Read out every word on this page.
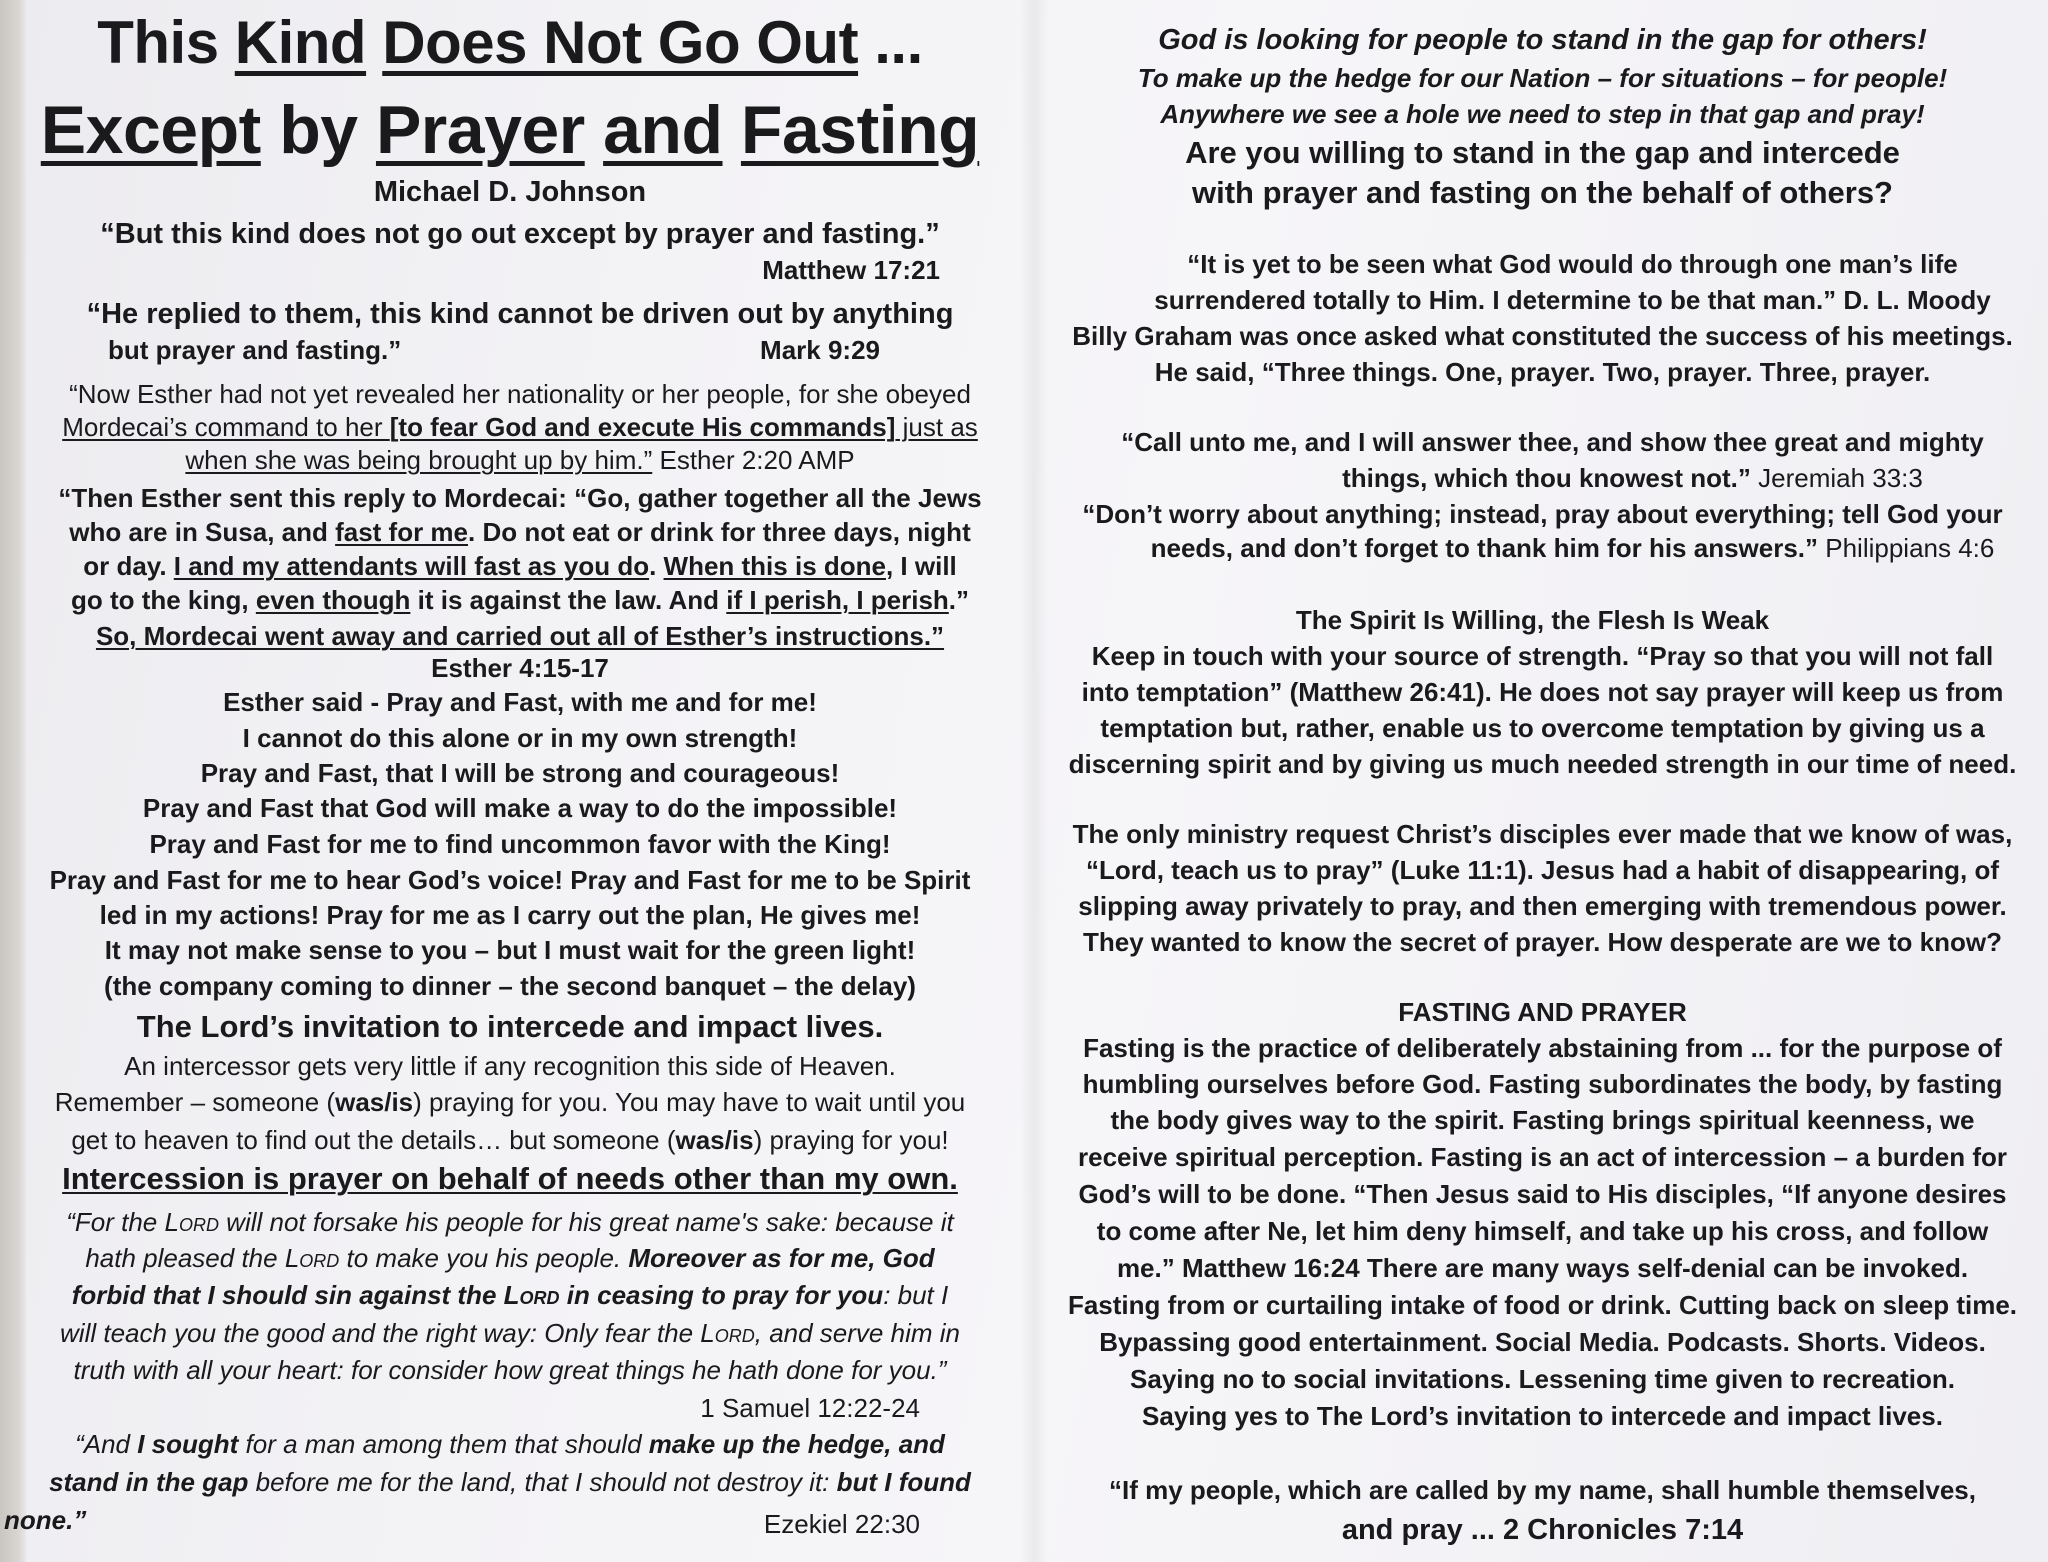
This Kind Does Not Go Out ...
Except by Prayer and Fasting
Michael D. Johnson
“But this kind does not go out except by prayer and fasting.”
Matthew 17:21
“He replied to them, this kind cannot be driven out by anything
but prayer and fasting.”	Mark 9:29
“Now Esther had not yet revealed her nationality or her people, for she obeyed
Mordecai’s command to her [to fear God and execute His commands] just as
when she was being brought up by him.” Esther 2:20 AMP
“Then Esther sent this reply to Mordecai: “Go, gather together all the Jews
who are in Susa, and fast for me. Do not eat or drink for three days, night
or day. I and my attendants will fast as you do. When this is done, I will
go to the king, even though it is against the law. And if I perish, I perish.”
So, Mordecai went away and carried out all of Esther’s instructions.”
Esther 4:15-17
Esther said - Pray and Fast, with me and for me!
I cannot do this alone or in my own strength!
Pray and Fast, that I will be strong and courageous!
Pray and Fast that God will make a way to do the impossible!
Pray and Fast for me to find uncommon favor with the King!
Pray and Fast for me to hear God’s voice! Pray and Fast for me to be Spirit
led in my actions! Pray for me as I carry out the plan, He gives me!
It may not make sense to you – but I must wait for the green light!
(the company coming to dinner – the second banquet – the delay)
The Lord’s invitation to intercede and impact lives.
An intercessor gets very little if any recognition this side of Heaven.
Remember – someone (was/is) praying for you. You may have to wait until you
get to heaven to find out the details… but someone (was/is) praying for you!
Intercession is prayer on behalf of needs other than my own.
“For the Lord will not forsake his people for his great name's sake: because it
hath pleased the Lord to make you his people. Moreover as for me, God
forbid that I should sin against the Lord in ceasing to pray for you: but I
will teach you the good and the right way: Only fear the Lord, and serve him in
truth with all your heart: for consider how great things he hath done for you.”
1 Samuel 12:22-24
“And I sought for a man among them that should make up the hedge, and
stand in the gap before me for the land, that I should not destroy it: but I found
none.”	Ezekiel 22:30
God is looking for people to stand in the gap for others!
To make up the hedge for our Nation – for situations – for people!
Anywhere we see a hole we need to step in that gap and pray!
Are you willing to stand in the gap and intercede
with prayer and fasting on the behalf of others?
“It is yet to be seen what God would do through one man’s life
surrendered totally to Him. I determine to be that man.” D. L. Moody
Billy Graham was once asked what constituted the success of his meetings.
He said, “Three things. One, prayer. Two, prayer. Three, prayer.
“Call unto me, and I will answer thee, and show thee great and mighty
things, which thou knowest not.” Jeremiah 33:3
“Don’t worry about anything; instead, pray about everything; tell God your
needs, and don’t forget to thank him for his answers.” Philippians 4:6
The Spirit Is Willing, the Flesh Is Weak
Keep in touch with your source of strength. “Pray so that you will not fall
into temptation” (Matthew 26:41). He does not say prayer will keep us from
temptation but, rather, enable us to overcome temptation by giving us a
discerning spirit and by giving us much needed strength in our time of need.
The only ministry request Christ’s disciples ever made that we know of was,
“Lord, teach us to pray” (Luke 11:1). Jesus had a habit of disappearing, of
slipping away privately to pray, and then emerging with tremendous power.
They wanted to know the secret of prayer. How desperate are we to know?
FASTING AND PRAYER
Fasting is the practice of deliberately abstaining from ... for the purpose of
humbling ourselves before God. Fasting subordinates the body, by fasting
the body gives way to the spirit. Fasting brings spiritual keenness, we
receive spiritual perception. Fasting is an act of intercession – a burden for
God’s will to be done. “Then Jesus said to His disciples, “If anyone desires
to come after Ne, let him deny himself, and take up his cross, and follow
me.” Matthew 16:24 There are many ways self-denial can be invoked.
Fasting from or curtailing intake of food or drink. Cutting back on sleep time.
Bypassing good entertainment. Social Media. Podcasts. Shorts. Videos.
Saying no to social invitations. Lessening time given to recreation.
Saying yes to The Lord’s invitation to intercede and impact lives.
“If my people, which are called by my name, shall humble themselves,
and pray ... 2 Chronicles 7:14
